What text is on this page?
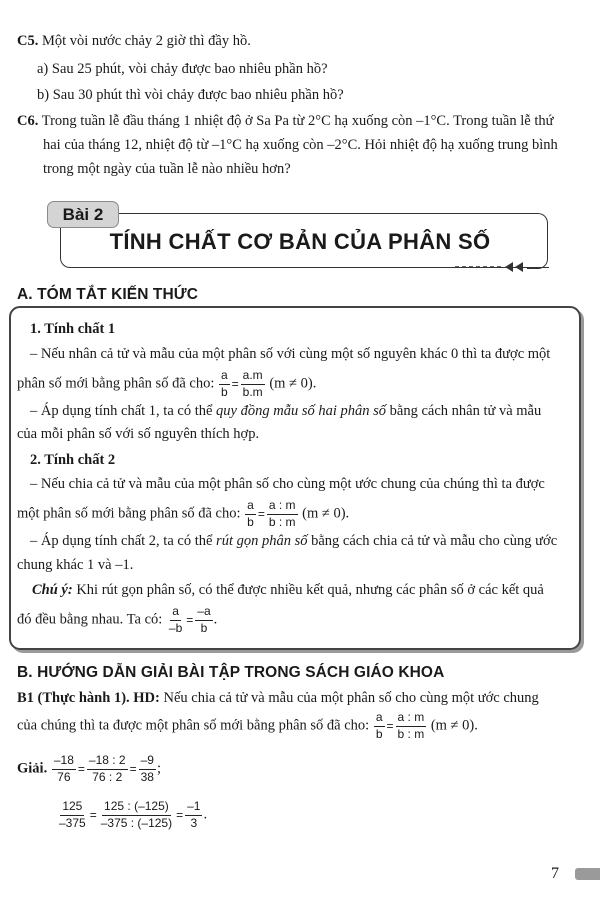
C5. Một vòi nước chảy 2 giờ thì đầy hồ.
a) Sau 25 phút, vòi chảy được bao nhiêu phần hồ?
b) Sau 30 phút thì vòi chảy được bao nhiêu phần hồ?
C6. Trong tuần lễ đầu tháng 1 nhiệt độ ở Sa Pa từ 2°C hạ xuống còn –1°C. Trong tuần lễ thứ
hai của tháng 12, nhiệt độ từ –1°C hạ xuống còn –2°C. Hỏi nhiệt độ hạ xuống trung bình
trong một ngày của tuần lễ nào nhiều hơn?
Bài 2
TÍNH CHẤT CƠ BẢN CỦA PHÂN SỐ
A. TÓM TẮT KIẾN THỨC
1. Tính chất 1
– Nếu nhân cả tử và mẫu của một phân số với cùng một số nguyên khác 0 thì ta được một
phân số mới bằng phân số đã cho: $\frac{a}{b} = \frac{a.m}{b.m} (m \ne 0)$.
– Áp dụng tính chất 1, ta có thể quy đồng mẫu số hai phân số bằng cách nhân tử và mẫu
của mỗi phân số với số nguyên thích hợp.
2. Tính chất 2
– Nếu chia cả tử và mẫu của một phân số cho cùng một ước chung của chúng thì ta được
một phân số mới bằng phân số đã cho: $\frac{a}{b} = \frac{a : m}{b : m} (m \ne 0)$.
– Áp dụng tính chất 2, ta có thể rút gọn phân số bằng cách chia cả tử và mẫu cho cùng ước
chung khác 1 và –1.
Chú ý: Khi rút gọn phân số, có thể được nhiều kết quả, nhưng các phân số ở các kết quả
đó đều bằng nhau. Ta có: $\frac{a}{-b} = \frac{-a}{b}$ .
B. HƯỚNG DẪN GIẢI BÀI TẬP TRONG SÁCH GIÁO KHOA
B1 (Thực hành 1). HD: Nếu chia cả tử và mẫu của một phân số cho cùng một ước chung
của chúng thì ta được một phân số mới bằng phân số đã cho: $\frac{a}{b} = \frac{a : m}{b : m} (m \ne 0)$.
Giải. $\frac{-18}{76} = \frac{-18 : 2}{76 : 2} = \frac{-9}{38}$ ;
$\frac{125}{-375} = \frac{125 : (-125)}{-375 : (-125)} = \frac{-1}{3}$ .
7
